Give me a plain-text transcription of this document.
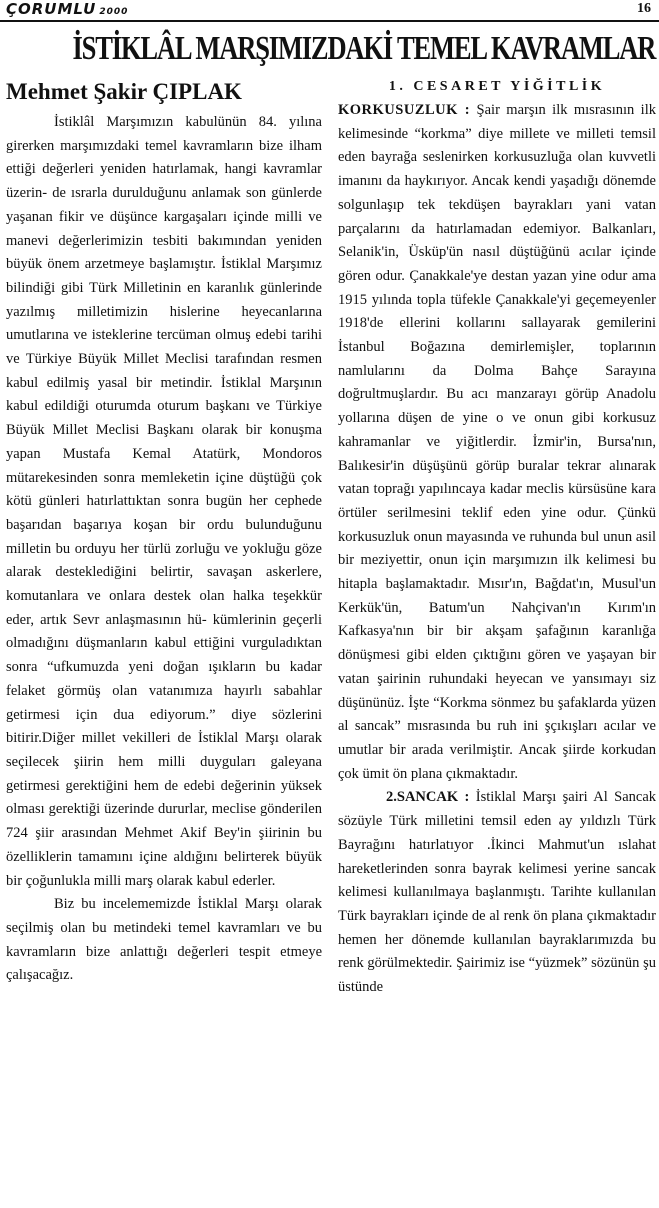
ÇORUMLU 2000	16
İSTİKLÂL MARŞIMIZDAKİ TEMEL KAVRAMLAR
Mehmet Şakir ÇIPLAK

İstiklâl Marşımızın kabulünün 84. yılına girerken marşımızdaki temel kavramların bize ilham ettiği değerleri yeniden hatırlamak, hangi kavramlar üzerin- de ısrarla durulduğunu anlamak son günlerde yaşanan fikir ve düşünce kargaşaları içinde milli ve manevi değerlerimizin tesbiti bakımından yeniden büyük önem arzetmeye başlamıştır. İstiklal Marşımız bilindiği gibi Türk Milletinin en karanlık günlerinde yazılmış milletimizin hislerine heyecanlarına umutlarına ve isteklerine tercüman olmuş edebi tarihi ve Türkiye Büyük Millet Meclisi tarafından resmen kabul edilmiş yasal bir metindir. İstiklal Marşının kabul edildiği oturumda oturum başkanı ve Türkiye Büyük Millet Meclisi Başkanı olarak bir konuşma yapan Mustafa Kemal Atatürk, Mondoros mütarekesinden sonra memleketin içine düştüğü çok kötü günleri hatırlattıktan sonra bugün her cephede başarıdan başarıya koşan bir ordu bulunduğunu milletin bu orduyu her türlü zorluğu ve yokluğu göze alarak desteklediğini belirtir, savaşan askerlere, komutanlara ve onlara destek olan halka teşekkür eder, artık Sevr anlaşmasının hü- kümlerinin geçerli olmadığını düşmanların kabul ettiğini vurguladıktan sonra “ufkumuzda yeni doğan ışıkların bu kadar felaket görmüş olan vatanımıza hayırlı sabahlar getirmesi için dua ediyorum.” diye sözlerini bitirir.Diğer millet vekilleri de İstiklal Marşı olarak seçilecek şiirin hem milli duyguları galeyana getirmesi gerektiğini hem de edebi değerinin yüksek olması gerektiği üzerinde dururlar, meclise gönderilen 724 şiir arasından Mehmet Akif Bey'in şiirinin bu özelliklerin tamamını içine aldığını belirterek büyük bir çoğunlukla milli marş olarak kabul ederler.

Biz bu incelememizde İstiklal Marşı olarak seçilmiş olan bu metindeki temel kavramları ve bu kavramların bize anlattığı değerleri tespit etmeye çalışacağız.

1. CESARET YİĞİTLİK

KORKUSUZLUK : Şair marşın ilk mısrasının ilk kelimesinde “korkma” diye millete ve milleti temsil eden bayrağa seslenirken korkusuzluğa olan kuvvetli imanını da haykırıyor. Ancak kendi yaşadığı dönemde solgunlaşıp tek tekdüşen bayrakları yani vatan parçalarını da hatırlamadan edemiyor. Balkanları, Selanik'in, Üsküp'ün nasıl düştüğünü acılar içinde gören odur. Çanakkale'ye destan yazan yine odur ama 1915 yılında topla tüfekle Çanakkale'yi geçemeyenler 1918'de ellerini kollarını sallayarak gemilerini İstanbul Boğazına demirlemişler, toplarının namlularını da Dolma Bahçe Sarayına doğrultmuşlardır. Bu acı manzarayı görüp Anadolu yollarına düşen de yine o ve onun gibi korkusuz kahramanlar ve yiğitlerdir. İzmir'in, Bursa'nın, Balıkesir'in düşüşünü görüp buralar tekrar alınarak vatan toprağı yapılıncaya kadar meclis kürsüsüne kara örtüler serilmesini teklif eden yine odur. Çünkü korkusuzluk onun mayasında ve ruhunda bul unun asil bir meziyettir, onun için marşımızın ilk kelimesi bu hitapla başlamaktadır. Mısır'ın, Bağdat'ın, Musul'un Kerkük'ün, Batum'un Nahçivan'ın Kırım'ın Kafkasya'nın bir bir akşam şafağının karanlığa dönüşmesi gibi elden çıktığını gören ve yaşayan bir vatan şairinin ruhundaki heyecan ve yansımayı siz düşününüz. İşte “Korkma sönmez bu şafaklarda yüzen al sancak” mısrasında bu ruh ini şçıkışları acılar ve umutlar bir arada verilmiştir. Ancak şiirde korkudan çok ümit ön plana çıkmaktadır.

2.SANCAK : İstiklal Marşı şairi Al Sancak sözüyle Türk milletini temsil eden ay yıldızlı Türk Bayrağını hatırlatıyor .İkinci Mahmut'un ıslahat hareketlerinden sonra bayrak kelimesi yerine sancak kelimesi kullanılmaya başlanmıştı. Tarihte kullanılan Türk bayrakları içinde de al renk ön plana çıkmaktadır hemen her dönemde kullanılan bayraklarımızda bu renk görülmektedir. Şairimiz ise “yüzmek” sözünün şu üstünde
